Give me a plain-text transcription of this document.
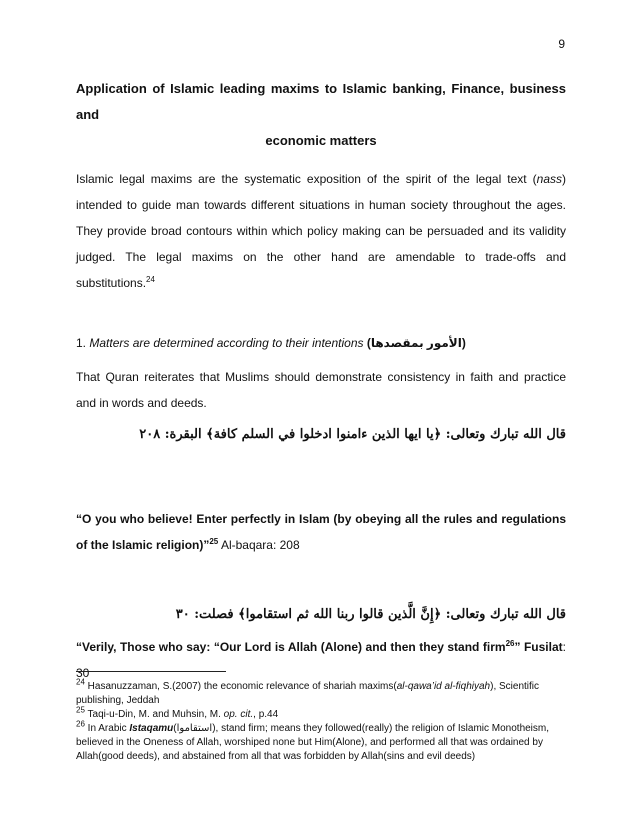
9
Application of Islamic leading maxims to Islamic banking, Finance, business and
economic matters

Islamic legal maxims are the systematic exposition of the spirit of the legal text (nass) intended to guide man towards different situations in human society throughout the ages. They provide broad contours within which policy making can be persuaded and its validity judged. The legal maxims on the other hand are amendable to trade-offs and substitutions.$^{24}$

1. Matters are determined according to their intentions (الأمور بمقصدها)

That Quran reiterates that Muslims should demonstrate consistency in faith and practice and in words and deeds.

قال الله تبارك وتعالى: ﴿يا ايها الذين ءامنوا ادخلوا في السلم كافة﴾ البقرة: ٢٠٨

“O you who believe! Enter perfectly in Islam (by obeying all the rules and regulations of the Islamic religion)”$^{25}$ Al-baqara: 208

قال الله تبارك وتعالى: ﴿إِنَّ الَّذين قالوا ربنا الله ثم استقاموا﴾ فصلت: ٣٠

“Verily, Those who say: “Our Lord is Allah (Alone) and then they stand firm$^{26}$” Fusilat: 30

$^{24}$ Hasanuzzaman, S.(2007) the economic relevance of shariah maxims(al-qawa’id al-fiqhiyah), Scientific publishing, Jeddah

$^{25}$ Taqi-u-Din, M. and Muhsin, M. op. cit., p.44

$^{26}$ In Arabic Istaqamu(استقاموا), stand firm; means they followed(really) the religion of Islamic Monotheism, believed in the Oneness of Allah, worshiped none but Him(Alone), and performed all that was ordained by Allah(good deeds), and abstained from all that was forbidden by Allah(sins and evil deeds)
